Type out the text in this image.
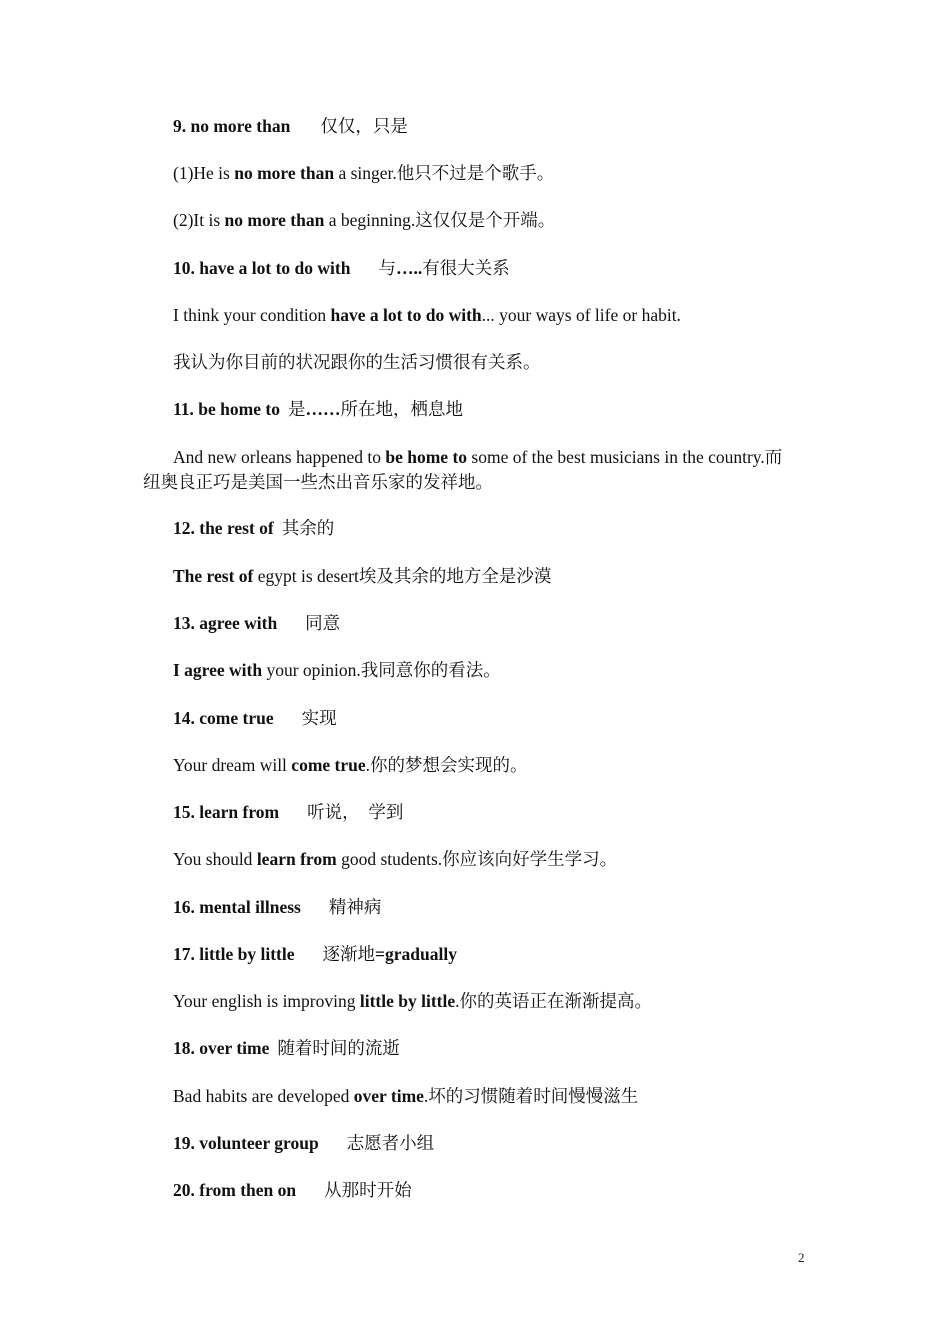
9. no more than 仅仅，只是
(1)He is no more than a singer.他只不过是个歌手。
(2)It is no more than a beginning.这仅仅是个开端。
10. have a lot to do with 与…..有很大关系
I think your condition have a lot to do with... your ways of life or habit.
我认为你目前的状况跟你的生活习惯很有关系。
11. be home to 是……所在地，栖息地
And new orleans happened to be home to some of the best musicians in the country.而纽奥良正巧是美国一些杰出音乐家的发祥地。
12. the rest of 其余的
The rest of egypt is desert埃及其余的地方全是沙漠
13. agree with 同意
I agree with your opinion.我同意你的看法。
14. come true 实现
Your dream will come true.你的梦想会实现的。
15. learn from 听说，  学到
You should learn from good students.你应该向好学生学习。
16. mental illness 精神病
17. little by little 逐渐地=gradually
Your english is improving little by little.你的英语正在渐渐提高。
18. over time 随着时间的流逝
Bad habits are developed over time.坏的习惯随着时间慢慢滋生
19. volunteer group 志愿者小组
20. from then on 从那时开始
2
